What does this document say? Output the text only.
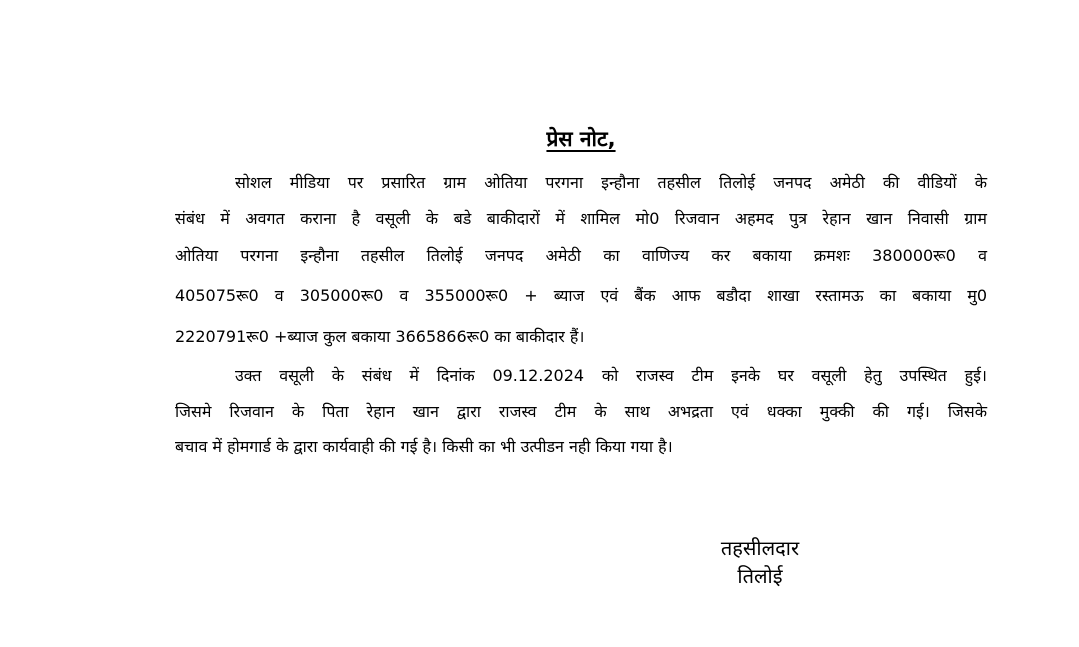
प्रेस नोट,

सोशल मीडिया पर प्रसारित ग्राम ओतिया परगना इन्हौना तहसील तिलोई जनपद अमेठी की वीडियों के

संबंध में अवगत कराना है वसूली के बडे बाकीदारों में शामिल मो0 रिजवान अहमद पुत्र रेहान खान निवासी ग्राम

ओतिया परगना इन्हौना तहसील तिलोई जनपद अमेठी का वाणिज्य कर बकाया क्रमशः 380000रू0 व

405075रू0 व 305000रू0 व 355000रू0 + ब्याज एवं बैंक आफ बडौदा शाखा रस्तामऊ का बकाया मु0

2220791रू0 +ब्याज कुल बकाया 3665866रू0 का बाकीदार हैं।

उक्त वसूली के संबंध में दिनांक 09.12.2024 को राजस्व टीम इनके घर वसूली हेतु उपस्थित हुई।

जिसमे रिजवान के पिता रेहान खान द्वारा राजस्व टीम के साथ अभद्रता एवं धक्का मुक्की की गई। जिसके

बचाव में होमगार्ड के द्वारा कार्यवाही की गई है। किसी का भी उत्पीडन नही किया गया है।

तहसीलदार
तिलोई
